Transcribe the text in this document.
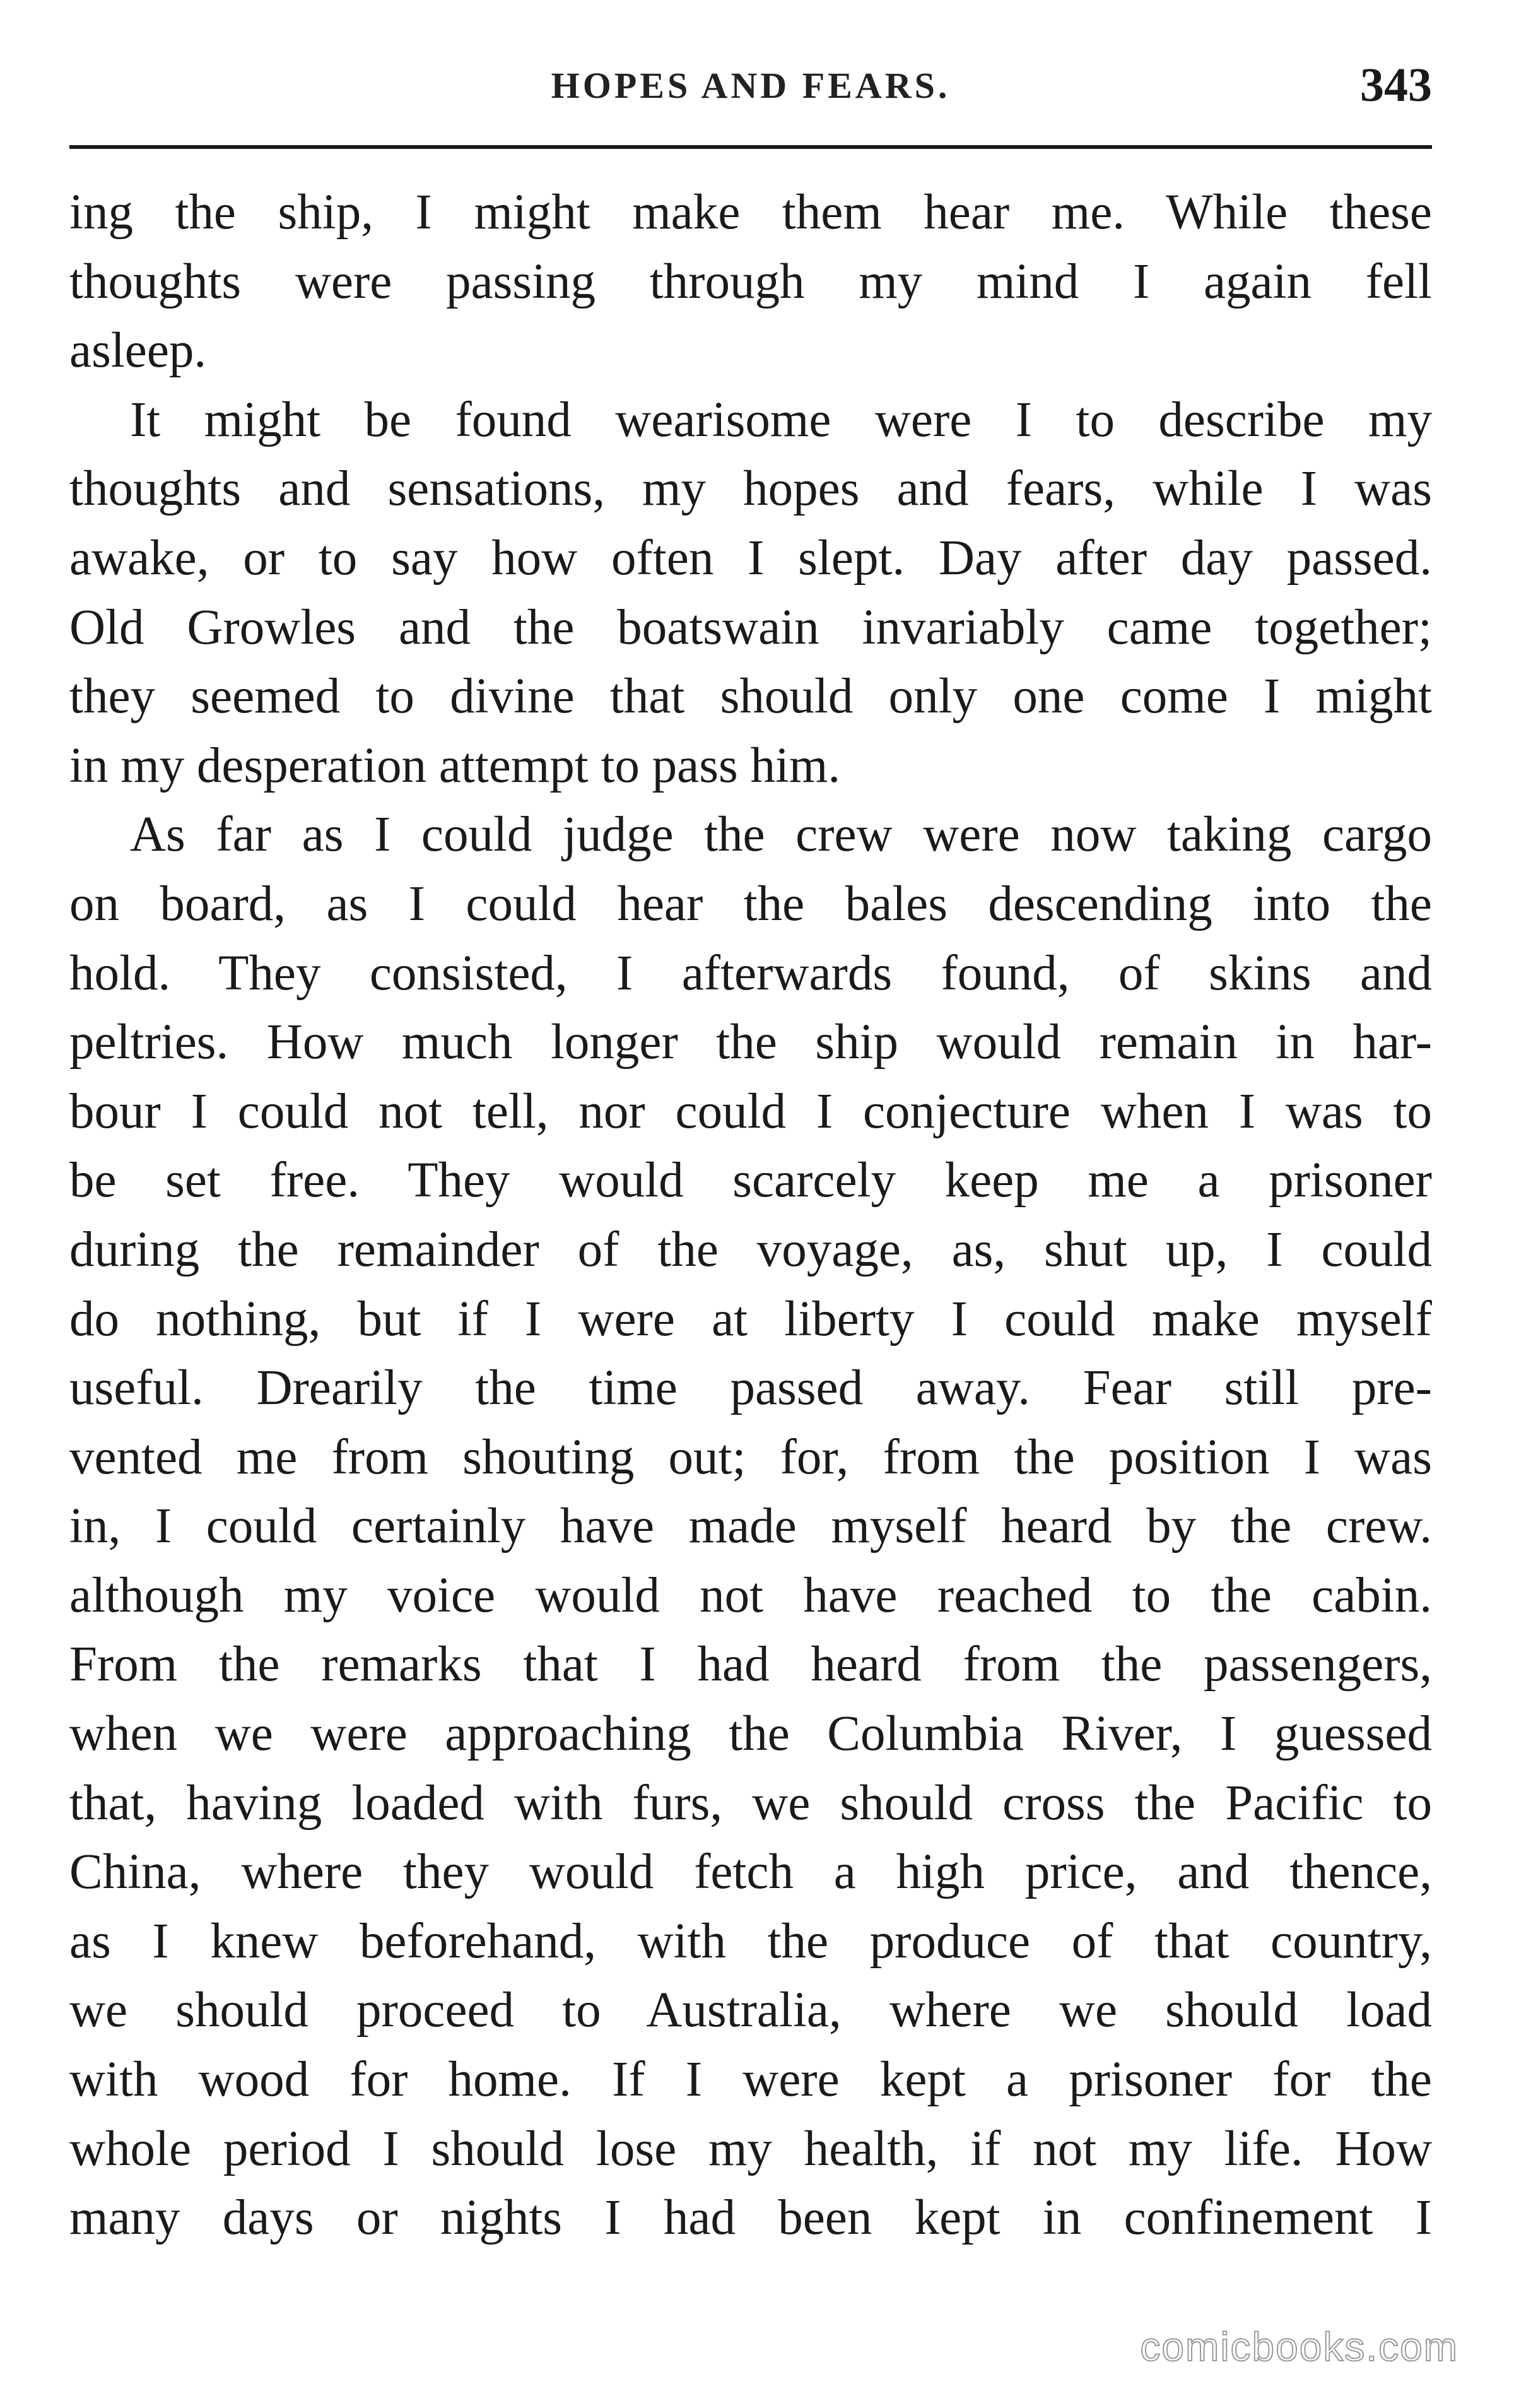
HOPES AND FEARS.	343

ing the ship, I might make them hear me. While these
thoughts were passing through my mind I again fell
asleep.

It might be found wearisome were I to describe my
thoughts and sensations, my hopes and fears, while I was
awake, or to say how often I slept. Day after day passed.
Old Growles and the boatswain invariably came together;
they seemed to divine that should only one come I might
in my desperation attempt to pass him.

As far as I could judge the crew were now taking cargo
on board, as I could hear the bales descending into the
hold. They consisted, I afterwards found, of skins and
peltries. How much longer the ship would remain in har-
bour I could not tell, nor could I conjecture when I was to
be set free. They would scarcely keep me a prisoner
during the remainder of the voyage, as, shut up, I could
do nothing, but if I were at liberty I could make myself
useful. Drearily the time passed away. Fear still pre-
vented me from shouting out; for, from the position I was
in, I could certainly have made myself heard by the crew.
although my voice would not have reached to the cabin.
From the remarks that I had heard from the passengers,
when we were approaching the Columbia River, I guessed
that, having loaded with furs, we should cross the Pacific to
China, where they would fetch a high price, and thence,
as I knew beforehand, with the produce of that country,
we should proceed to Australia, where we should load
with wood for home. If I were kept a prisoner for the
whole period I should lose my health, if not my life. How
many days or nights I had been kept in confinement I

comicbooks.com
